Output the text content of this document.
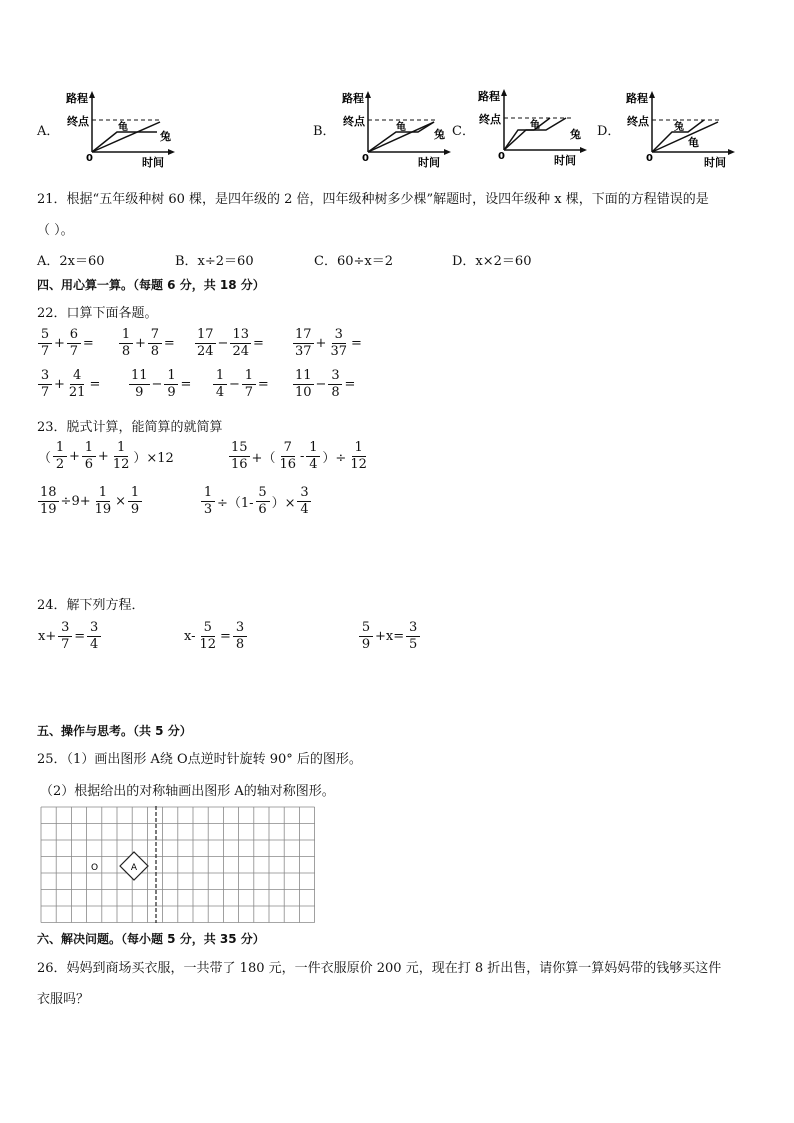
A．
路程
终点
0	时间
龟
兔	B．
路程
终点
0	时间
龟
兔 C．
路程
终点
0	时间
龟
兔 D．
路程
终点
0	时间
兔
龟
21．根据“五年级种树 60 棵，是四年级的 2 倍，四年级种树多少棵”解题时，设四年级种 x 棵，下面的方程错误的是
（ ）。
A．2x＝60	B．x÷2＝60	C．60÷x＝2	D．x×2＝60
四、用心算一算。（每题 6 分，共 18 分）
22．口算下面各题。
$\frac{5}{7} + \frac{6}{7} = \frac{1}{8} + \frac{7}{8} = \frac{17}{24} - \frac{13}{24} = \frac{17}{37} + \frac{3}{37}$ =
$\frac{3}{7} + \frac{4}{21} = \frac{11}{9} - \frac{1}{9} = \frac{1}{4} - \frac{1}{7} = \frac{11}{10} - \frac{3}{8}$ =
23．脱式计算，能简算的就简算
（ $\frac{1}{2} + \frac{1}{6} + \frac{1}{12} )\times 12$	$\frac{15}{16}$ +（ $\frac{7}{16} - \frac{1}{4}$ ）÷ $\frac{1}{12}$
$\frac{18}{19} \div 9+ \frac{1}{19} \times \frac{1}{9}$	$\frac{1}{3} \div(1- \frac{5}{6}$ ）× $\frac{3}{4}$
24．解下列方程．
$x+ \frac{3}{7} = \frac{3}{4}$	$x- \frac{5}{12} = \frac{3}{8}$	$\frac{5}{9} +x= \frac{3}{5}$
五、操作与思考。（共 5 分）
25．（1）画出图形 A绕 O点逆时针旋转 90° 后的图形。
（2）根据给出的对称轴画出图形 A的轴对称图形。
A
O
六、解决问题。（每小题 5 分，共 35 分）
26．妈妈到商场买衣服，一共带了 180 元，一件衣服原价 200 元，现在打 8 折出售，请你算一算妈妈带的钱够买这件
衣服吗？
